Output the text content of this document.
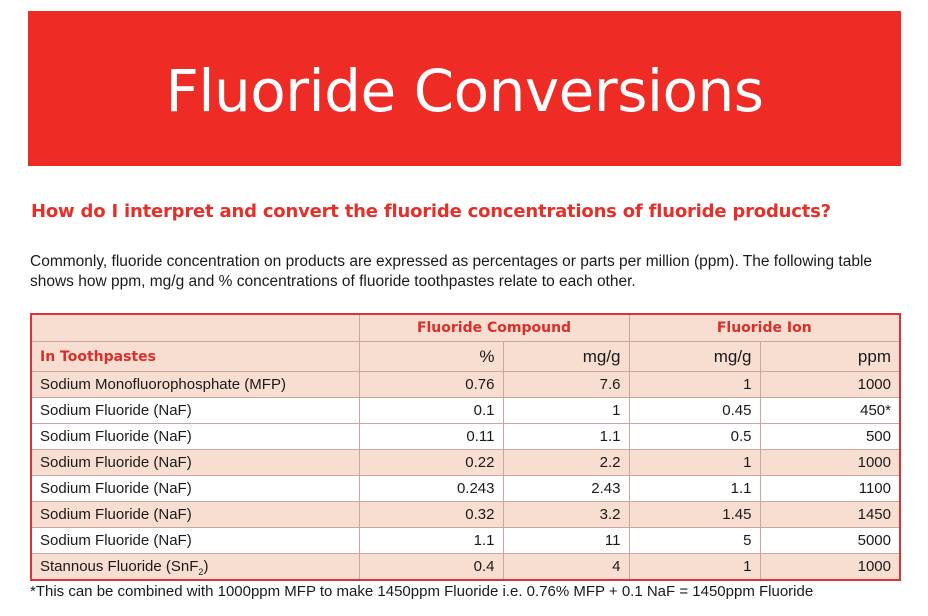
Fluoride Conversions
How do I interpret and convert the fluoride concentrations of fluoride products?

Commonly, fluoride concentration on products are expressed as percentages or parts per million (ppm). The following table shows how ppm, mg/g and % concentrations of fluoride toothpastes relate to each other.

	Fluoride Compound		Fluoride Ion	
In Toothpastes	%	mg/g	mg/g	ppm
Sodium Monofluorophosphate (MFP)	0.76	7.6	1	1000
Sodium Fluoride (NaF)	0.1	1	0.45	450*
Sodium Fluoride (NaF)	0.11	1.1	0.5	500
Sodium Fluoride (NaF)	0.22	2.2	1	1000
Sodium Fluoride (NaF)	0.243	2.43	1.1	1100
Sodium Fluoride (NaF)	0.32	3.2	1.45	1450
Sodium Fluoride (NaF)	1.1	11	5	5000
Stannous Fluoride (SnF$_2$)	0.4	4	1	1000

*This can be combined with 1000ppm MFP to make 1450ppm Fluoride i.e. 0.76% MFP + 0.1 NaF = 1450ppm Fluoride
